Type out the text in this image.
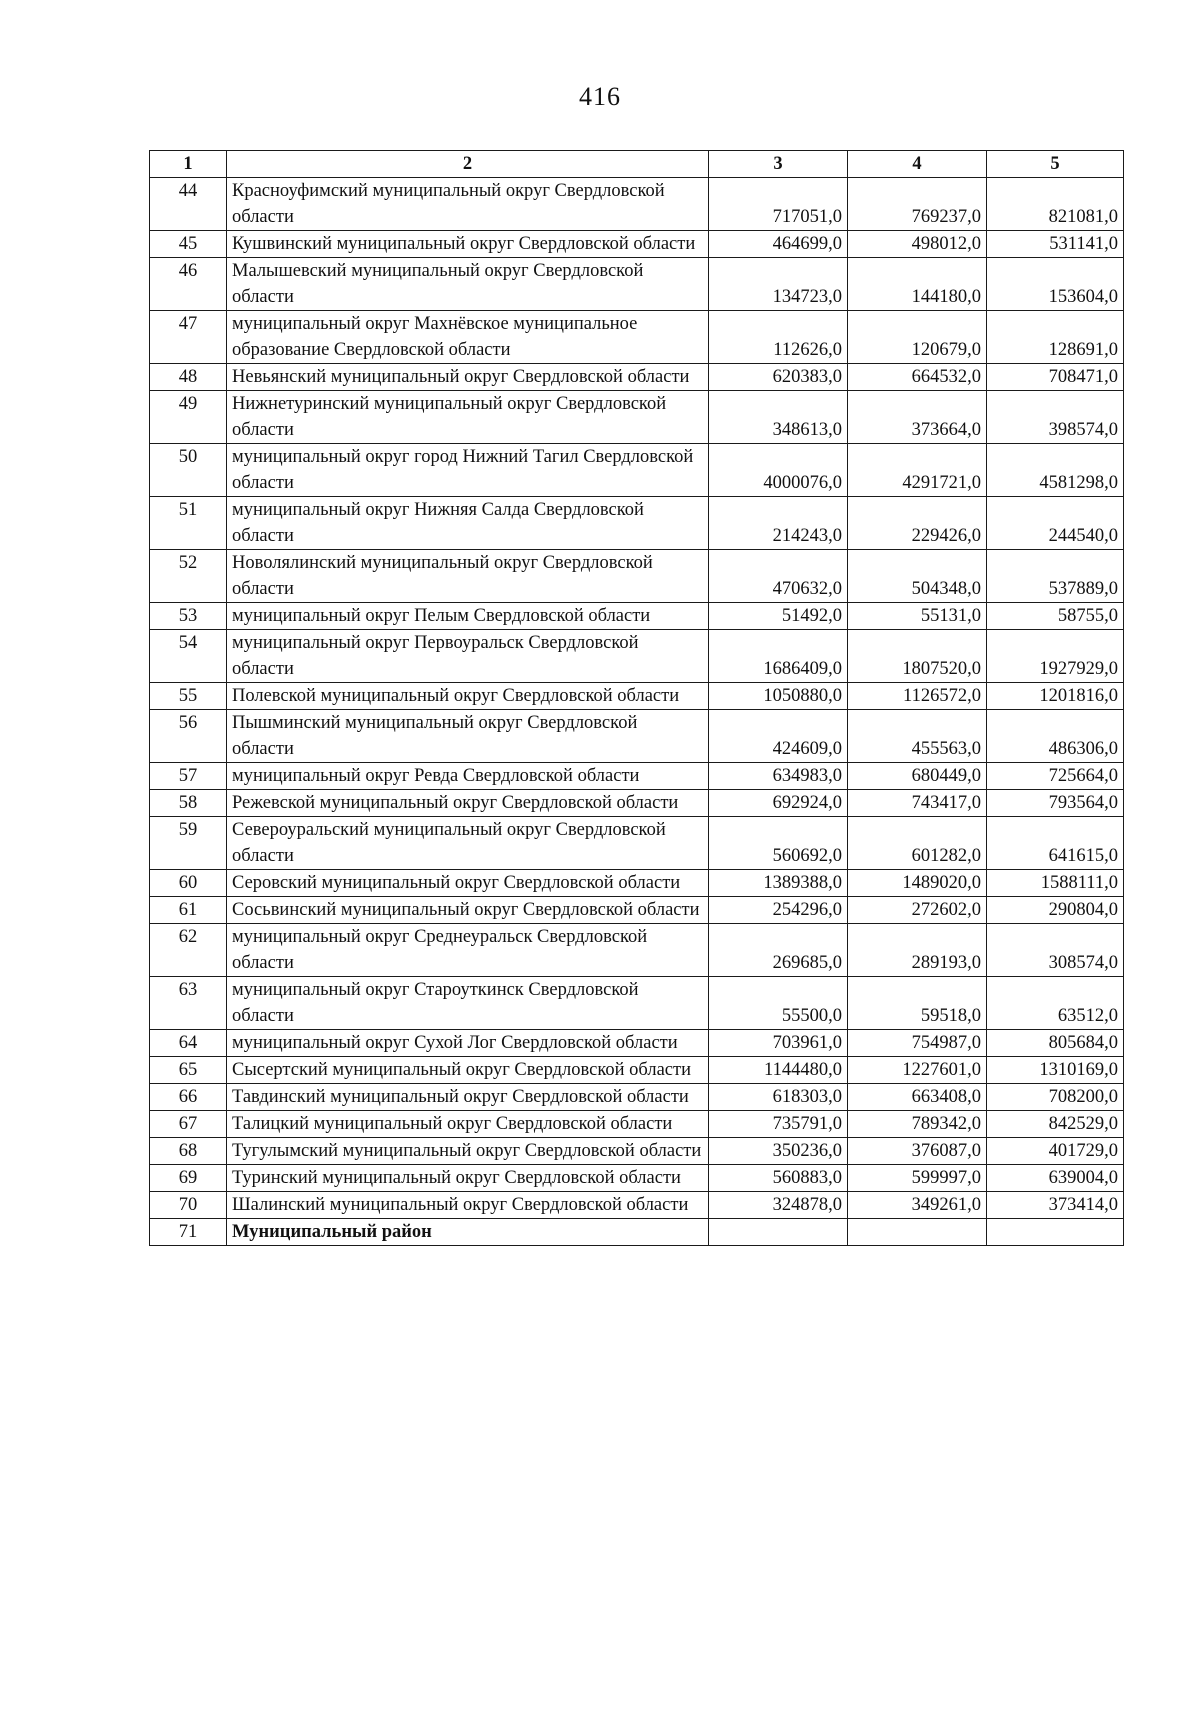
416
1	2	3	4	5
44	Красноуфимский муниципальный округ Свердловской области	717051,0	769237,0	821081,0
45	Кушвинский муниципальный округ Свердловской области	464699,0	498012,0	531141,0
46	Малышевский муниципальный округ Свердловской области	134723,0	144180,0	153604,0
47	муниципальный округ Махнёвское муниципальное образование Свердловской области	112626,0	120679,0	128691,0
48	Невьянский муниципальный округ Свердловской области	620383,0	664532,0	708471,0
49	Нижнетуринский муниципальный округ Свердловской области	348613,0	373664,0	398574,0
50	муниципальный округ город Нижний Тагил Свердловской области	4000076,0	4291721,0	4581298,0
51	муниципальный округ Нижняя Салда Свердловской области	214243,0	229426,0	244540,0
52	Новолялинский муниципальный округ Свердловской области	470632,0	504348,0	537889,0
53	муниципальный округ Пелым Свердловской области	51492,0	55131,0	58755,0
54	муниципальный округ Первоуральск Свердловской области	1686409,0	1807520,0	1927929,0
55	Полевской муниципальный округ Свердловской области	1050880,0	1126572,0	1201816,0
56	Пышминский муниципальный округ Свердловской области	424609,0	455563,0	486306,0
57	муниципальный округ Ревда Свердловской области	634983,0	680449,0	725664,0
58	Режевской муниципальный округ Свердловской области	692924,0	743417,0	793564,0
59	Североуральский муниципальный округ Свердловской области	560692,0	601282,0	641615,0
60	Серовский муниципальный округ Свердловской области	1389388,0	1489020,0	1588111,0
61	Сосьвинский муниципальный округ Свердловской области	254296,0	272602,0	290804,0
62	муниципальный округ Среднеуральск Свердловской области	269685,0	289193,0	308574,0
63	муниципальный округ Староуткинск Свердловской области	55500,0	59518,0	63512,0
64	муниципальный округ Сухой Лог Свердловской области	703961,0	754987,0	805684,0
65	Сысертский муниципальный округ Свердловской области	1144480,0	1227601,0	1310169,0
66	Тавдинский муниципальный округ Свердловской области	618303,0	663408,0	708200,0
67	Талицкий муниципальный округ Свердловской области	735791,0	789342,0	842529,0
68	Тугулымский муниципальный округ Свердловской области	350236,0	376087,0	401729,0
69	Туринский муниципальный округ Свердловской области	560883,0	599997,0	639004,0
70	Шалинский муниципальный округ Свердловской области	324878,0	349261,0	373414,0
71	Муниципальный район			
